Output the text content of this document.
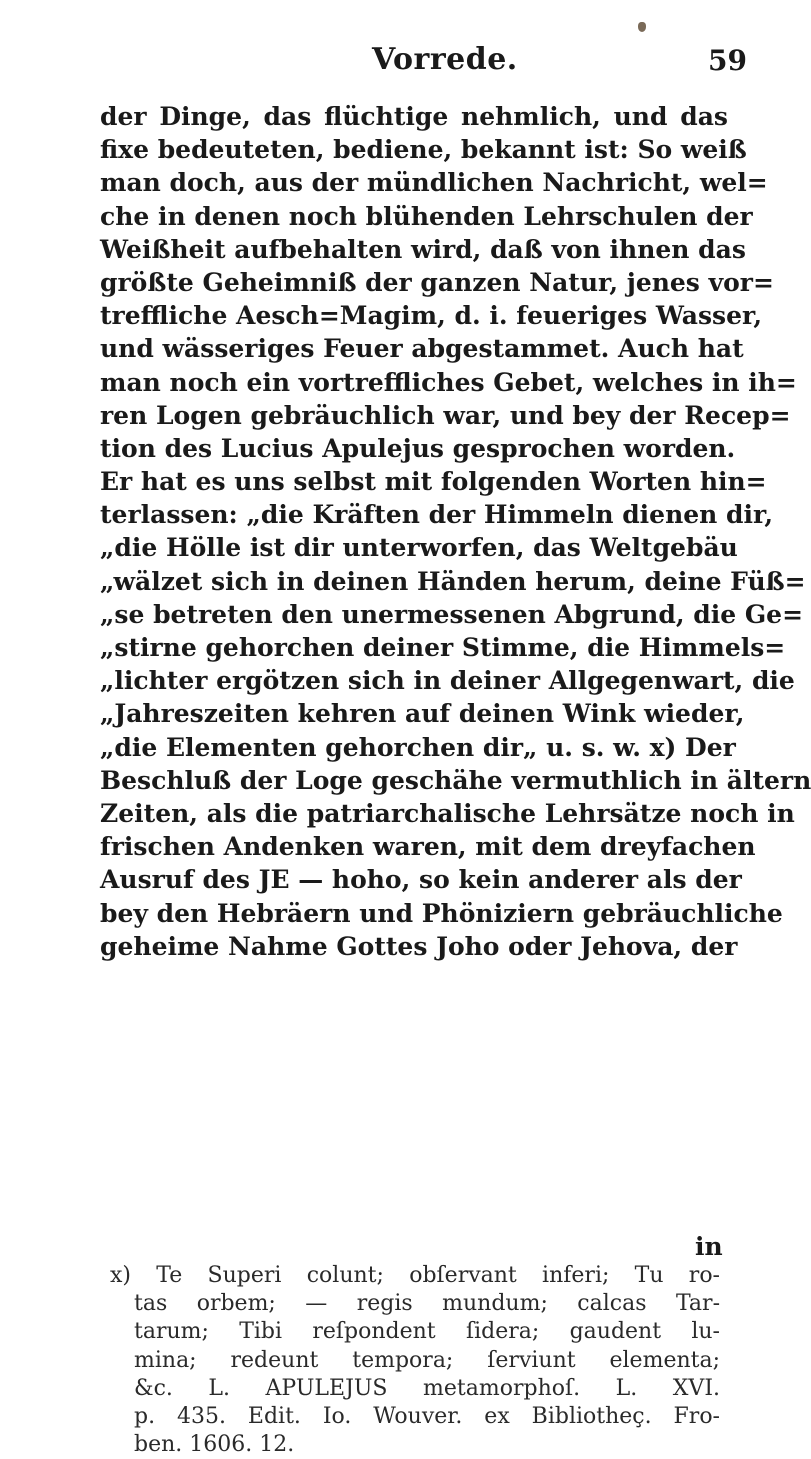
Vorrede.	59
der Dinge, das flüchtige nehmlich, und das
fixe bedeuteten, bediene, bekannt ist: So weiß
man doch, aus der mündlichen Nachricht, wel=
che in denen noch blühenden Lehrschulen der
Weißheit aufbehalten wird, daß von ihnen das
größte Geheimniß der ganzen Natur, jenes vor=
treffliche Aesch=Magim, d. i. feueriges Wasser,
und wässeriges Feuer abgestammet. Auch hat
man noch ein vortreffliches Gebet, welches in ih=
ren Logen gebräuchlich war, und bey der Recep=
tion des Lucius Apulejus gesprochen worden.
Er hat es uns selbst mit folgenden Worten hin=
terlassen: „die Kräften der Himmeln dienen dir,
„die Hölle ist dir unterworfen, das Weltgebäu
„wälzet sich in deinen Händen herum, deine Füß=
„se betreten den unermessenen Abgrund, die Ge=
„stirne gehorchen deiner Stimme, die Himmels=
„lichter ergötzen sich in deiner Allgegenwart, die
„Jahreszeiten kehren auf deinen Wink wieder,
„die Elementen gehorchen dir„ u. s. w. x) Der
Beschluß der Loge geschähe vermuthlich in ältern
Zeiten, als die patriarchalische Lehrsätze noch in
frischen Andenken waren, mit dem dreyfachen
Ausruf des JE — hoho, so kein anderer als der
bey den Hebräern und Phöniziern gebräuchliche
geheime Nahme Gottes Joho oder Jehova, der
in
x) Te Superi colunt; obſervant inferi; Tu ro-
tas orbem; — regis mundum; calcas Tar-
tarum; Tibi reſpondent ſidera; gaudent lu-
mina; redeunt tempora; ſerviunt elementa;
&c. L. APULEJUS metamorphoſ. L. XVI.
p. 435. Edit. Io. Wouver. ex Bibliotheç. Fro-
ben. 1606. 12.
